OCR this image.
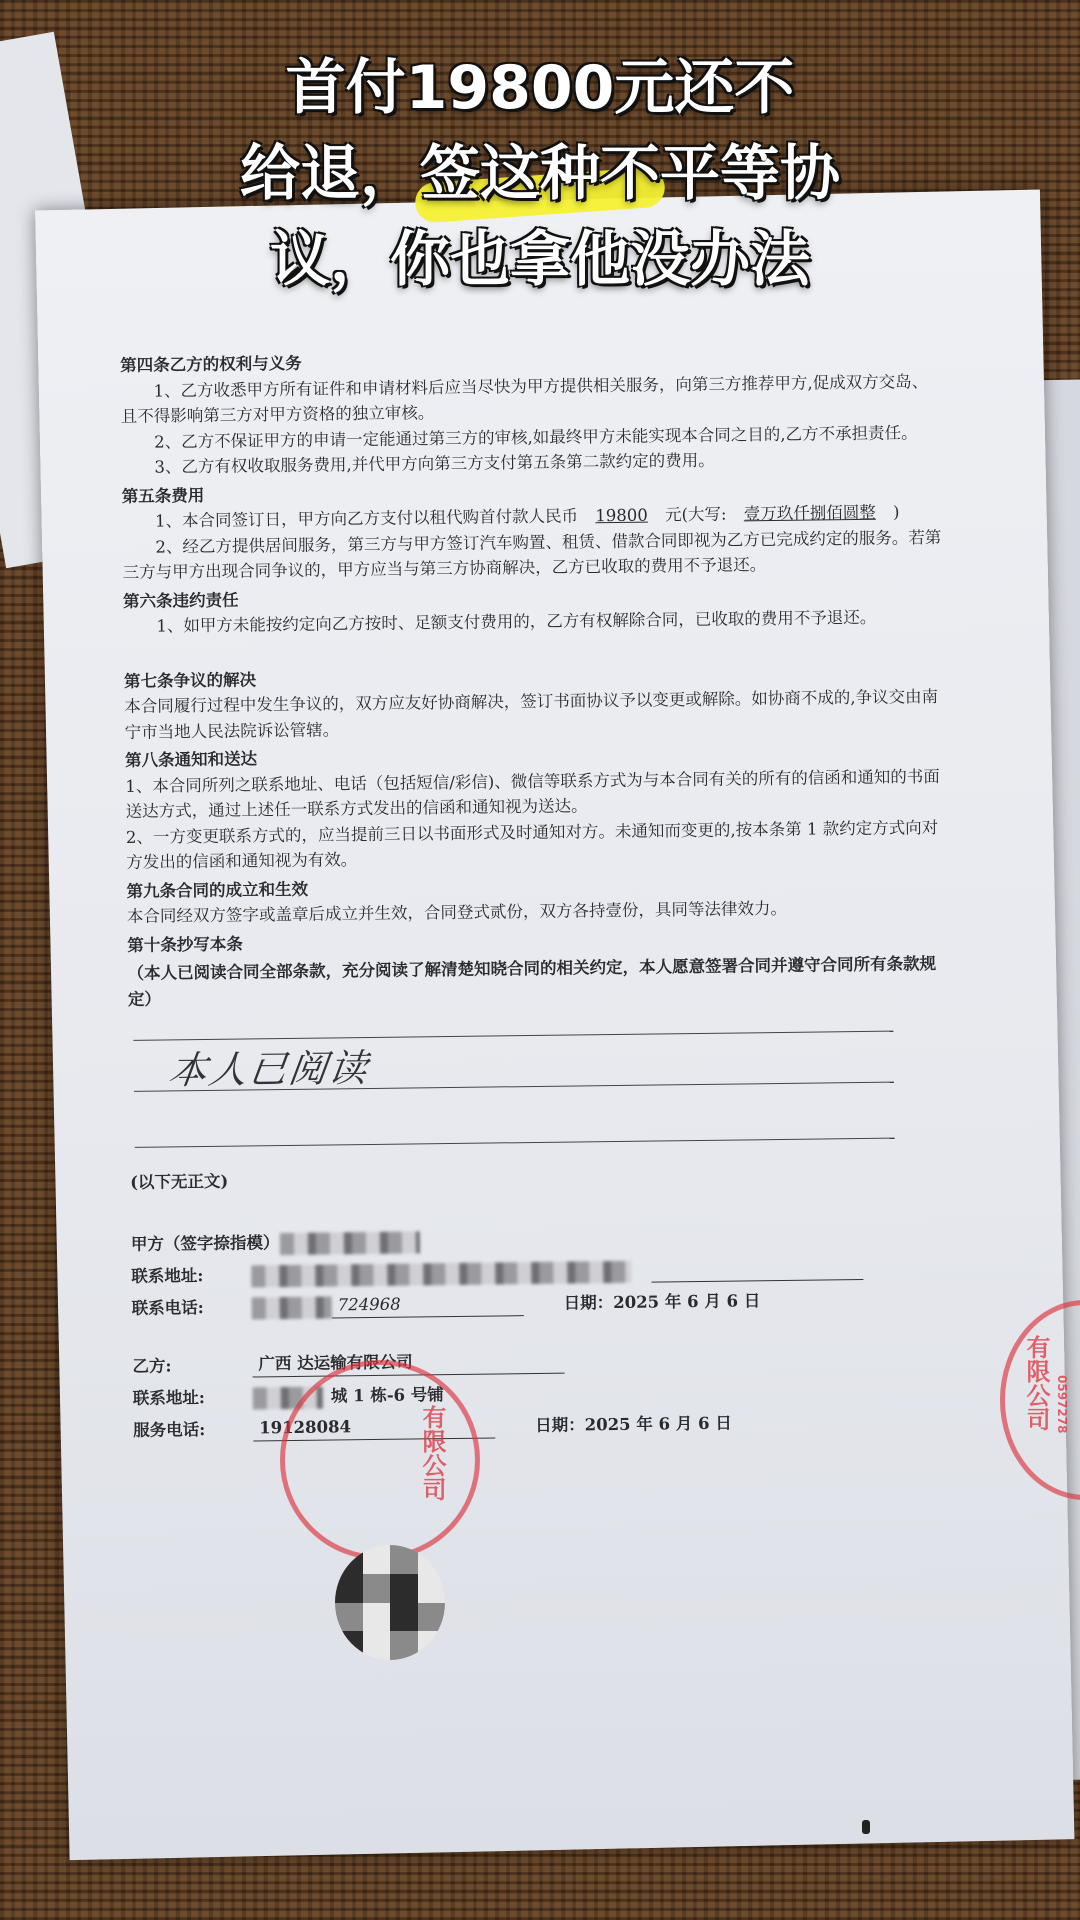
第四条乙方的权利与义务

1、乙方收悉甲方所有证件和申请材料后应当尽快为甲方提供相关服务，向第三方推荐甲方,促成双方交岛、且不得影响第三方对甲方资格的独立审核。

2、乙方不保证甲方的申请一定能通过第三方的审核,如最终甲方未能实现本合同之目的,乙方不承担责任。

3、乙方有权收取服务费用,并代甲方向第三方支付第五条第二款约定的费用。

第五条费用

1、本合同签订日，甲方向乙方支付以租代购首付款人民币 19800 元(大写: 壹万玖仟捌佰圆整 )

2、经乙方提供居间服务，第三方与甲方签订汽车购置、租赁、借款合同即视为乙方已完成约定的服务。若第三方与甲方出现合同争议的，甲方应当与第三方协商解决，乙方已收取的费用不予退还。

第六条违约责任

1、如甲方未能按约定向乙方按时、足额支付费用的，乙方有权解除合同，已收取的费用不予退还。

第七条争议的解决

本合同履行过程中发生争议的，双方应友好协商解决，签订书面协议予以变更或解除。如协商不成的,争议交由南宁市当地人民法院诉讼管辖。

第八条通知和送达

1、本合同所列之联系地址、电话（包括短信/彩信)、微信等联系方式为与本合同有关的所有的信函和通知的书面送达方式，通过上述任一联系方式发出的信函和通知视为送达。

2、一方变更联系方式的，应当提前三日以书面形式及时通知对方。未通知而变更的,按本条第 1 款约定方式向对方发出的信函和通知视为有效。

第九条合同的成立和生效

本合同经双方签字或盖章后成立并生效，合同登式贰份，双方各持壹份，具同等法律效力。

第十条抄写本条

（本人已阅读合同全部条款，充分阅读了解清楚知晓合同的相关约定，本人愿意签署合同并遵守合同所有条款规定）

本人已阅读

(以下无正文)

甲方（签字捺指模）
联系地址:
联系电话:	724968	日期：2025 年 6 月 6 日
乙方:	广西 达运输有限公司
联系地址:	城 1 栋-6 号铺
服务电话:	19128084	日期：2025 年 6 月 6 日
有限公司
有限公司 0597278
首付19800元还不
给退，签这种不平等协
议，你也拿他没办法
